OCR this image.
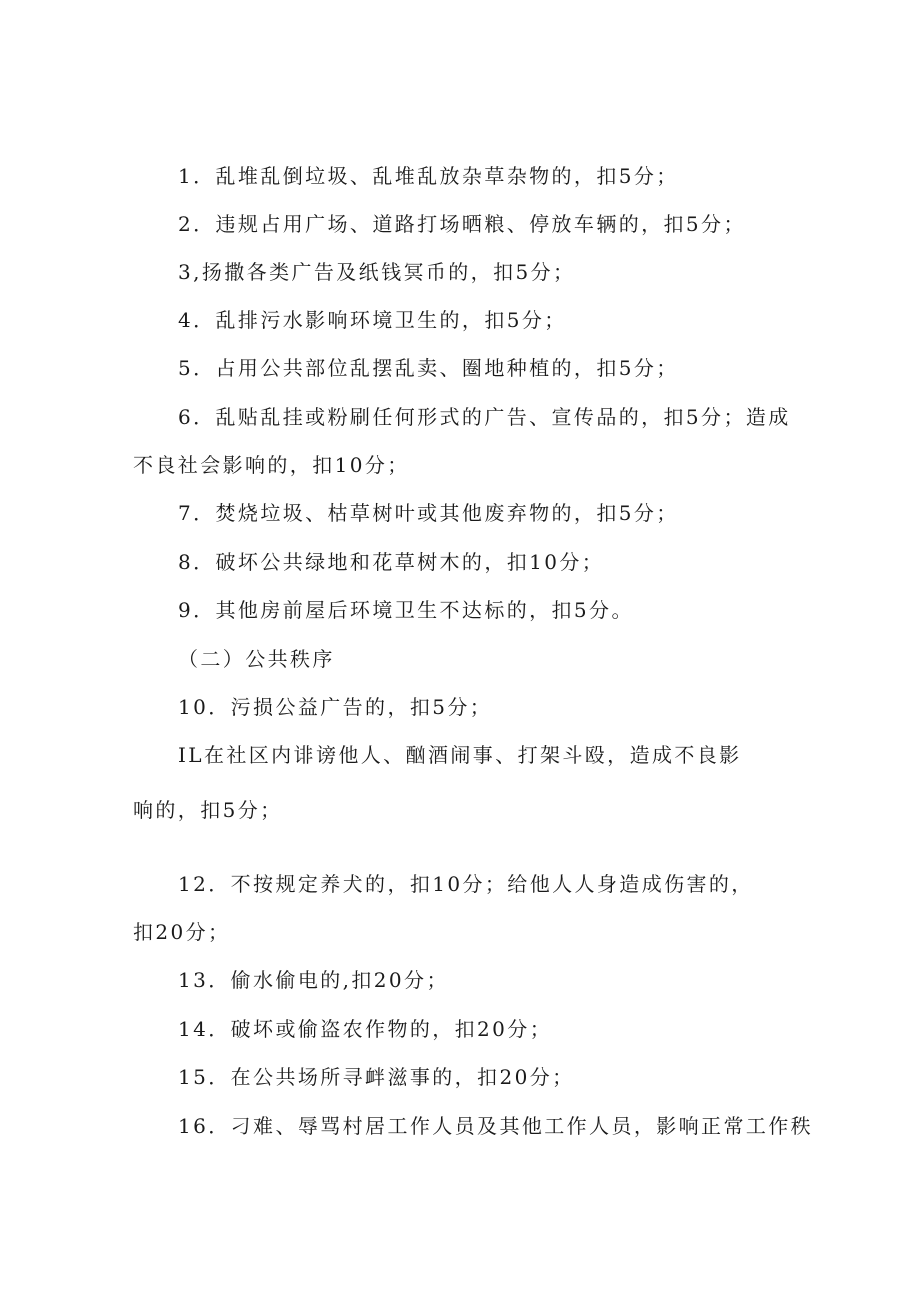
1．乱堆乱倒垃圾、乱堆乱放杂草杂物的，扣5分；

2．违规占用广场、道路打场晒粮、停放车辆的，扣5分；

3,扬撒各类广告及纸钱冥币的，扣5分；

4．乱排污水影响环境卫生的，扣5分；

5．占用公共部位乱摆乱卖、圈地种植的，扣5分；

6．乱贴乱挂或粉刷任何形式的广告、宣传品的，扣5分；造成

不良社会影响的，扣10分；

7．焚烧垃圾、枯草树叶或其他废弃物的，扣5分；

8．破坏公共绿地和花草树木的，扣10分；

9．其他房前屋后环境卫生不达标的，扣5分。

（二）公共秩序

10．污损公益广告的，扣5分；

IL在社区内诽谤他人、酗酒闹事、打架斗殴，造成不良影

响的，扣5分；

12．不按规定养犬的，扣10分；给他人人身造成伤害的，

扣20分；

13．偷水偷电的,扣20分；

14．破坏或偷盗农作物的，扣20分；

15．在公共场所寻衅滋事的，扣20分；

16．刁难、辱骂村居工作人员及其他工作人员，影响正常工作秩
